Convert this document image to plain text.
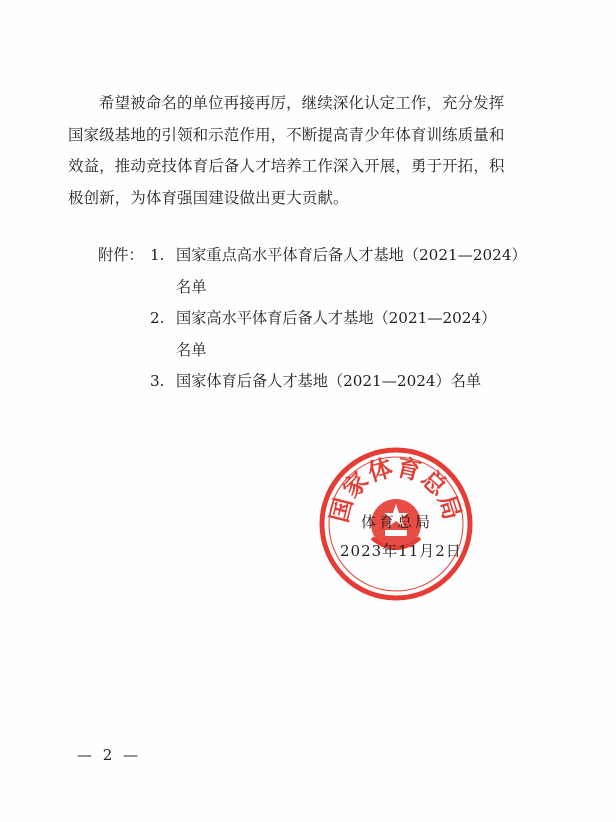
希望被命名的单位再接再厉，继续深化认定工作，充分发挥
国家级基地的引领和示范作用，不断提高青少年体育训练质量和
效益，推动竞技体育后备人才培养工作深入开展，勇于开拓，积
极创新，为体育强国建设做出更大贡献。
附件： 1. 国家重点高水平体育后备人才基地（2021—2024）
名单
2. 国家高水平体育后备人才基地（2021—2024）
名单
3. 国家体育后备人才基地（2021—2024）名单
国家体育总局
体育总局
2023年11月2日
— 2 —
